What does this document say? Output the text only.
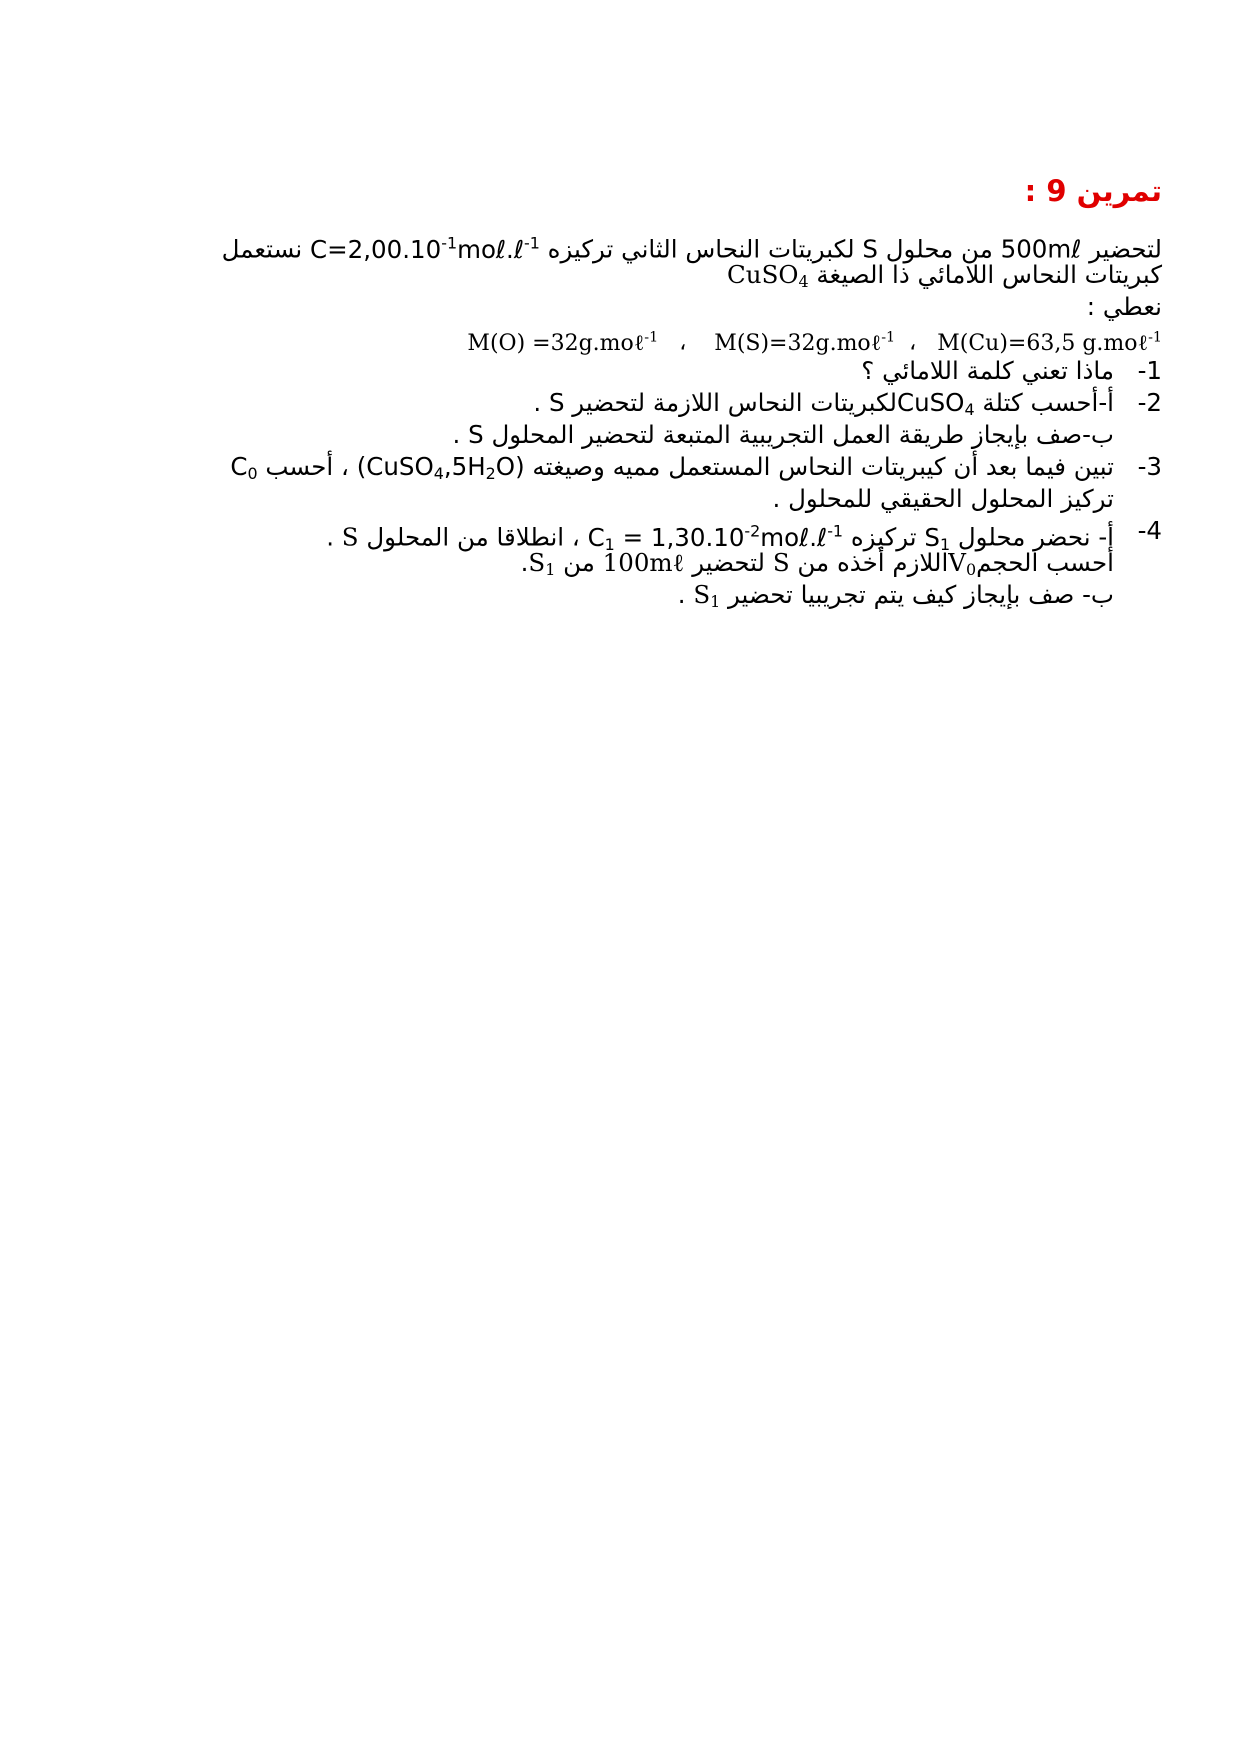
تمرين 9 :
لتحضير 500mℓ من محلول S لكبريتات النحاس الثاني تركيزه $C=2,00.10^{-1}mo\ell.\ell^{-1}$ نستعمل
كبريتات النحاس اللامائي ذا الصيغة CuSO$_4$
نعطي :
M(Cu)=63,5 g.moℓ$^{-1}$   ،  M(S)=32g.moℓ$^{-1}$    ،   M(O) =32g.moℓ$^{-1}$
1-
ماذا تعني كلمة اللامائي ؟
2-
أ-أحسب كتلة CuSO$_4$لكبريتات النحاس اللازمة لتحضير S .
ب-صف بإيجاز طريقة العمل التجريبية المتبعة لتحضير المحلول S .
3-
تبين فيما بعد أن كيبريتات النحاس المستعمل مميه وصيغته $(CuSO_4,5H_2O)$ ، أحسب $C_0$
تركيز المحلول الحقيقي للمحلول .
4-
أ- نحضر محلول $S_1$ تركيزه $C_1$ = $1,30.10^{-2}mo\ell.\ell^{-1}$ ، انطلاقا من المحلول S .
أحسب الحجمV$_0$اللازم أخذه من S لتحضير 100mℓ من $S_1$.
ب- صف بإيجاز كيف يتم تجريبيا تحضير $S_1$ .
